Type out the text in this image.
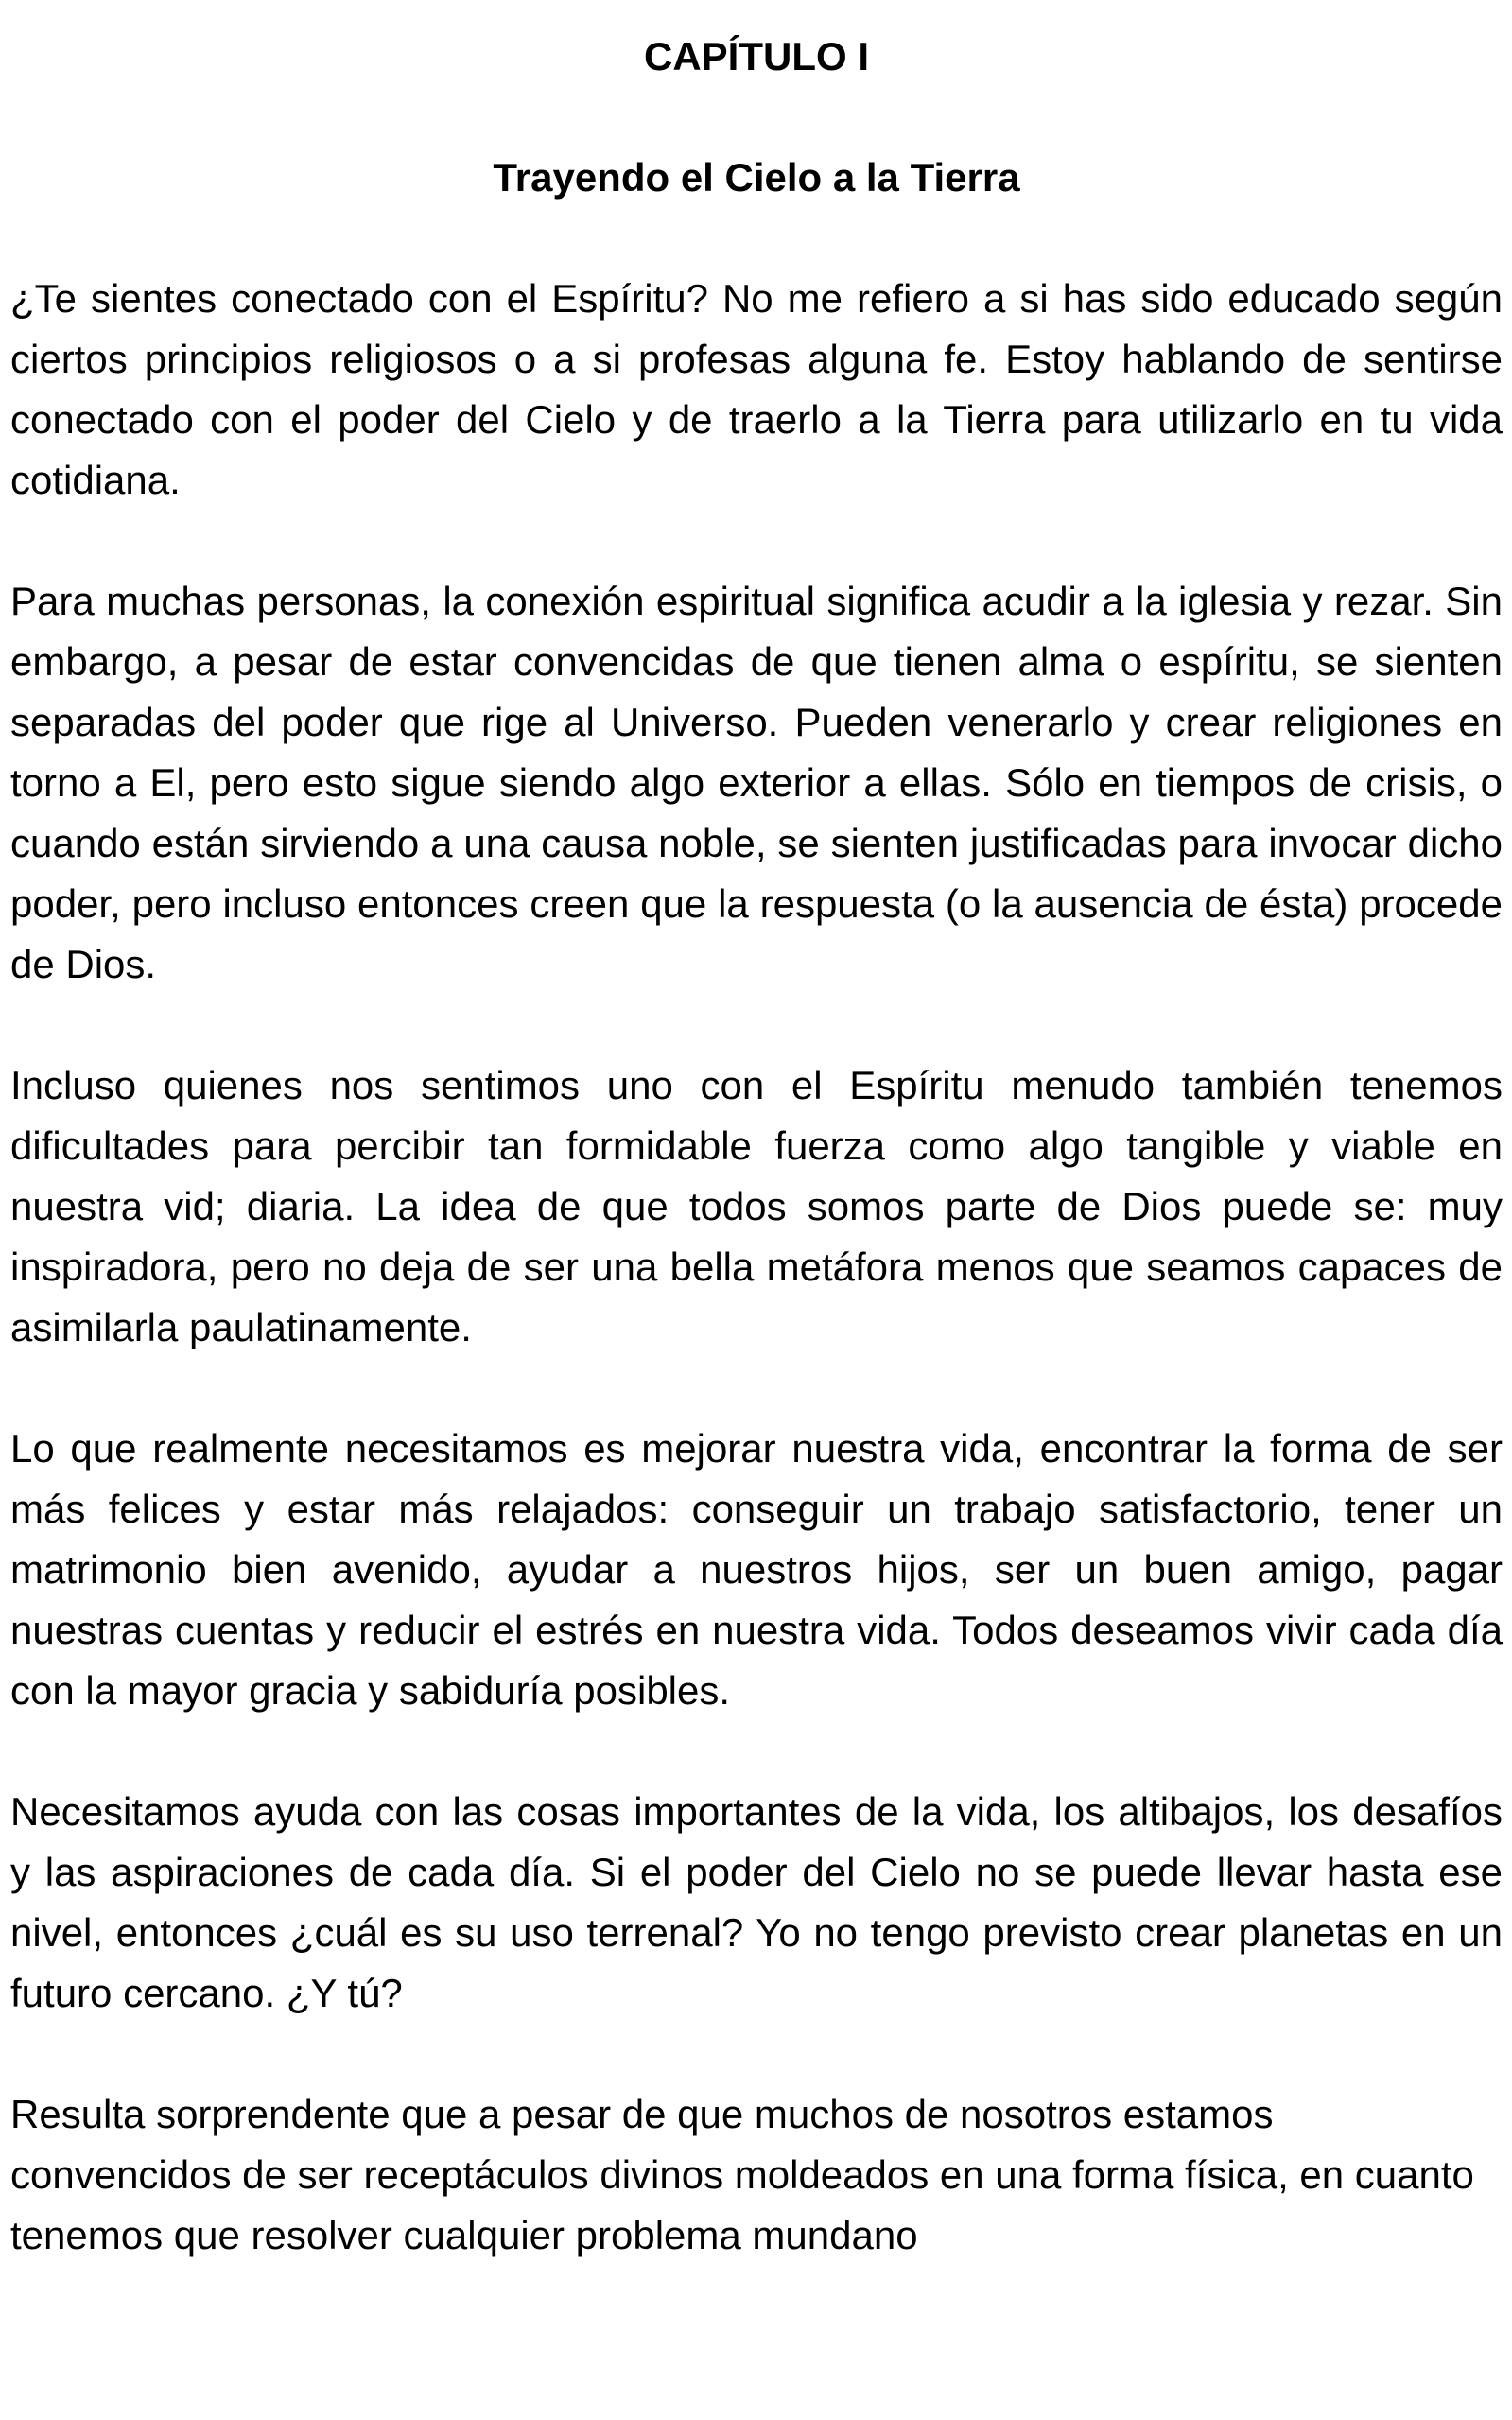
CAPÍTULO I
Trayendo el Cielo a la Tierra

¿Te sientes conectado con el Espíritu? No me refiero a si has sido educado según ciertos principios religiosos o a si profesas alguna fe. Estoy hablando de sentirse conectado con el poder del Cielo y de traerlo a la Tierra para utilizarlo en tu vida cotidiana.

Para muchas personas, la conexión espiritual significa acudir a la iglesia y rezar. Sin embargo, a pesar de estar convencidas de que tienen alma o espíritu, se sienten separadas del poder que rige al Universo. Pueden venerarlo y crear religiones en torno a El, pero esto sigue siendo algo exterior a ellas. Sólo en tiempos de crisis, o cuando están sirviendo a una causa noble, se sienten justificadas para invocar dicho poder, pero incluso entonces creen que la respuesta (o la ausencia de ésta) procede de Dios.

Incluso quienes nos sentimos uno con el Espíritu menudo también tenemos dificultades para percibir tan formidable fuerza como algo tangible y viable en nuestra vid; diaria. La idea de que todos somos parte de Dios puede se: muy inspiradora, pero no deja de ser una bella metáfora menos que seamos capaces de asimilarla paulatinamente.

Lo que realmente necesitamos es mejorar nuestra vida, encontrar la forma de ser más felices y estar más relajados: conseguir un trabajo satisfactorio, tener un matrimonio bien avenido, ayudar a nuestros hijos, ser un buen amigo, pagar nuestras cuentas y reducir el estrés en nuestra vida. Todos deseamos vivir cada día con la mayor gracia y sabiduría posibles.

Necesitamos ayuda con las cosas importantes de la vida, los altibajos, los desafíos y las aspiraciones de cada día. Si el poder del Cielo no se puede llevar hasta ese nivel, entonces ¿cuál es su uso terrenal? Yo no tengo previsto crear planetas en un futuro cercano. ¿Y tú?

Resulta sorprendente que a pesar de que muchos de nosotros estamos convencidos de ser receptáculos divinos moldeados en una forma física, en cuanto tenemos que resolver cualquier problema mundano
